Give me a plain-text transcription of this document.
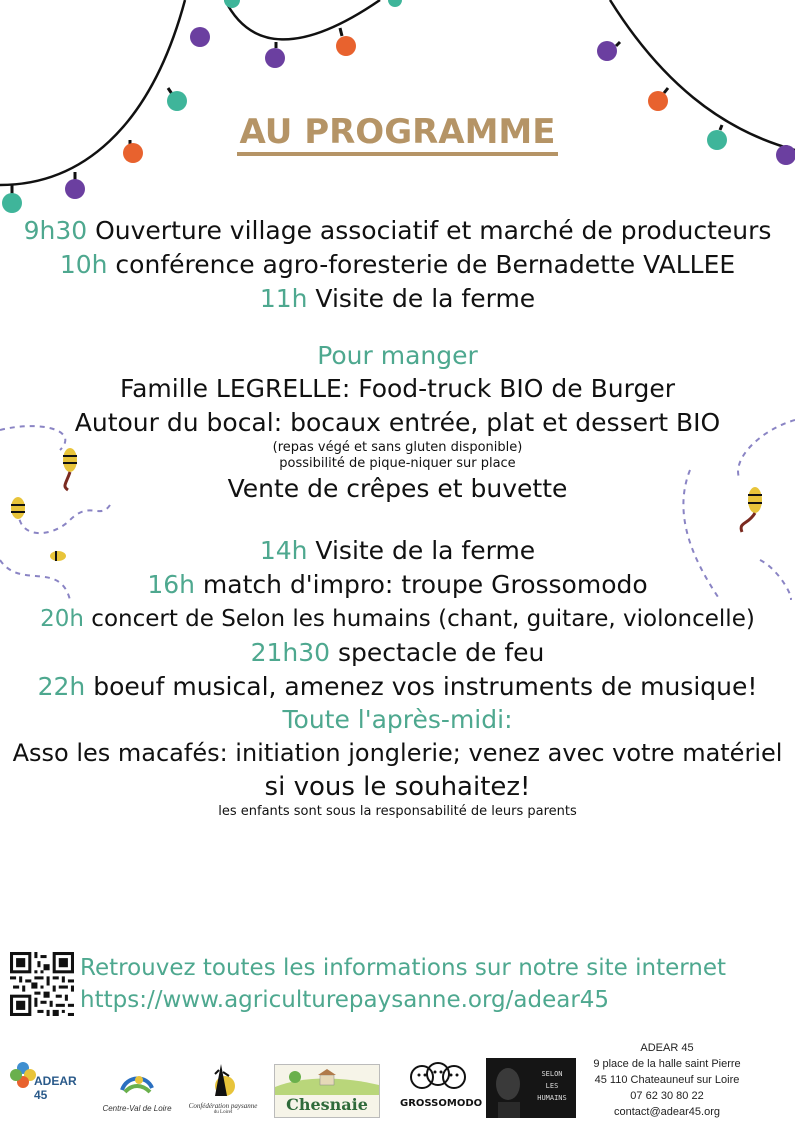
AU PROGRAMME
9h30 Ouverture village associatif et marché de producteurs
10h conférence agro-foresterie de Bernadette VALLEE
11h Visite de la ferme
Pour manger
Famille LEGRELLE: Food-truck BIO de Burger
Autour du bocal: bocaux entrée, plat et dessert BIO
(repas végé et sans gluten disponible)
possibilité de pique-niquer sur place
Vente de crêpes et buvette
14h Visite de la ferme
16h match d'impro: troupe Grossomodo
20h concert de Selon les humains (chant, guitare, violoncelle)
21h30 spectacle de feu
22h boeuf musical, amenez vos instruments de musique!
Toute l'après-midi:
Asso les macafés: initiation jonglerie; venez avec votre matériel
si vous le souhaitez!
les enfants sont sous la responsabilité de leurs parents
Retrouvez toutes les informations sur notre site internet
https://www.agriculturepaysanne.org/adear45
ADEAR 45
Centre-Val de Loire Confédération paysanne
du Loiret	Chesnaie	GROSSOMODO
SELON
LES
HUMAINS
ADEAR 45
9 place de la halle saint Pierre
45 110 Chateauneuf sur Loire
07 62 30 80 22
contact@adear45.org
